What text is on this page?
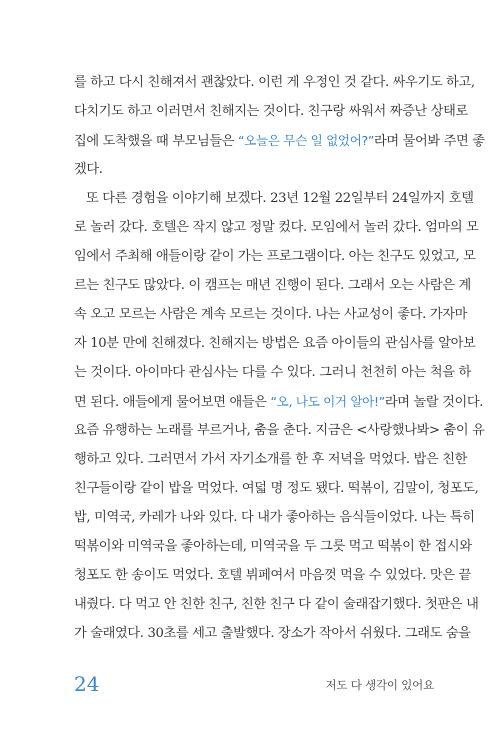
를 하고 다시 친해져서 괜찮았다. 이런 게 우정인 것 같다. 싸우기도 하고,
다치기도 하고 이러면서 친해지는 것이다. 친구랑 싸워서 짜증난 상태로
집에 도착했을 때 부모님들은 “오늘은 무슨 일 없었어?”라며 물어봐 주면 좋
겠다.
또 다른 경험을 이야기해 보겠다. 23년 12월 22일부터 24일까지 호텔
로 놀러 갔다. 호텔은 작지 않고 정말 컸다. 모임에서 놀러 갔다. 엄마의 모
임에서 주최해 애들이랑 같이 가는 프로그램이다. 아는 친구도 있었고, 모
르는 친구도 많았다. 이 캠프는 매년 진행이 된다. 그래서 오는 사람은 계
속 오고 모르는 사람은 계속 모르는 것이다. 나는 사교성이 좋다. 가자마
자 10분 만에 친해졌다. 친해지는 방법은 요즘 아이들의 관심사를 알아보
는 것이다. 아이마다 관심사는 다를 수 있다. 그러니 천천히 아는 척을 하
면 된다. 애들에게 물어보면 애들은 “오, 나도 이거 알아!”라며 놀랄 것이다.
요즘 유행하는 노래를 부르거나, 춤을 춘다. 지금은 <사랑했나봐> 춤이 유
행하고 있다. 그러면서 가서 자기소개를 한 후 저녁을 먹었다. 밥은 친한
친구들이랑 같이 밥을 먹었다. 여덟 명 정도 됐다. 떡볶이, 김말이, 청포도,
밥, 미역국, 카레가 나와 있다. 다 내가 좋아하는 음식들이었다. 나는 특히
떡볶이와 미역국을 좋아하는데, 미역국을 두 그릇 먹고 떡볶이 한 접시와
청포도 한 송이도 먹었다. 호텔 뷔페여서 마음껏 먹을 수 있었다. 맛은 끝
내줬다. 다 먹고 안 친한 친구, 친한 친구 다 같이 술래잡기했다. 첫판은 내
가 술래였다. 30초를 세고 출발했다. 장소가 작아서 쉬웠다. 그래도 숨을
24	저도 다 생각이 있어요
